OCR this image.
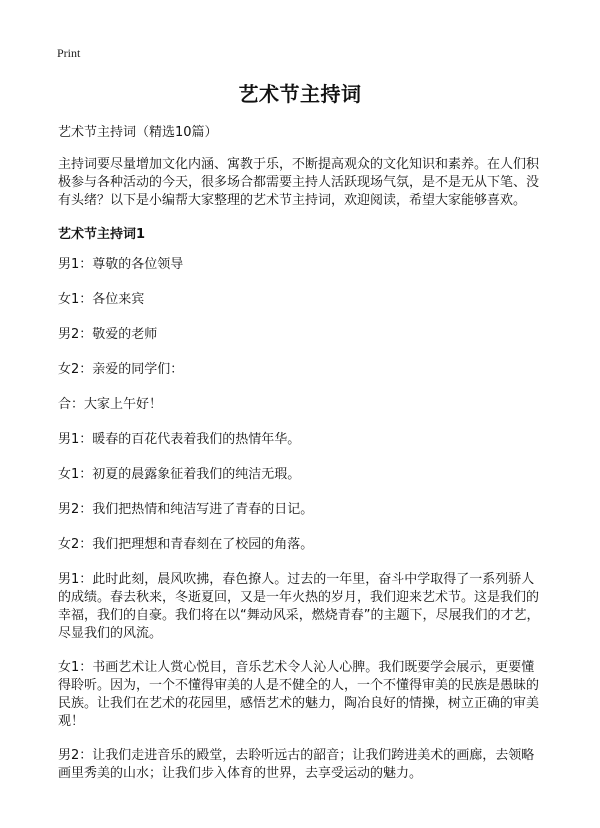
Print
艺术节主持词

艺术节主持词（精选10篇）

主持词要尽量增加文化内涵、寓教于乐，不断提高观众的文化知识和素养。在人们积极参与各种活动的今天，很多场合都需要主持人活跃现场气氛，是不是无从下笔、没有头绪？以下是小编帮大家整理的艺术节主持词，欢迎阅读，希望大家能够喜欢。

艺术节主持词1

男1：尊敬的各位领导

女1：各位来宾

男2：敬爱的老师

女2：亲爱的同学们：

合：大家上午好！

男1：暖春的百花代表着我们的热情年华。

女1：初夏的晨露象征着我们的纯洁无瑕。

男2：我们把热情和纯洁写进了青春的日记。

女2：我们把理想和青春刻在了校园的角落。

男1：此时此刻，晨风吹拂，春色撩人。过去的一年里，奋斗中学取得了一系列骄人的成绩。春去秋来，冬逝夏回，又是一年火热的岁月，我们迎来艺术节。这是我们的幸福，我们的自豪。我们将在以“舞动风采，燃烧青春”的主题下，尽展我们的才艺，尽显我们的风流。

女1：书画艺术让人赏心悦目，音乐艺术令人沁人心脾。我们既要学会展示，更要懂得聆听。因为，一个不懂得审美的人是不健全的人，一个不懂得审美的民族是愚昧的民族。让我们在艺术的花园里，感悟艺术的魅力，陶冶良好的情操，树立正确的审美观！

男2：让我们走进音乐的殿堂，去聆听远古的韶音；让我们跨进美术的画廊，去领略画里秀美的山水；让我们步入体育的世界，去享受运动的魅力。
